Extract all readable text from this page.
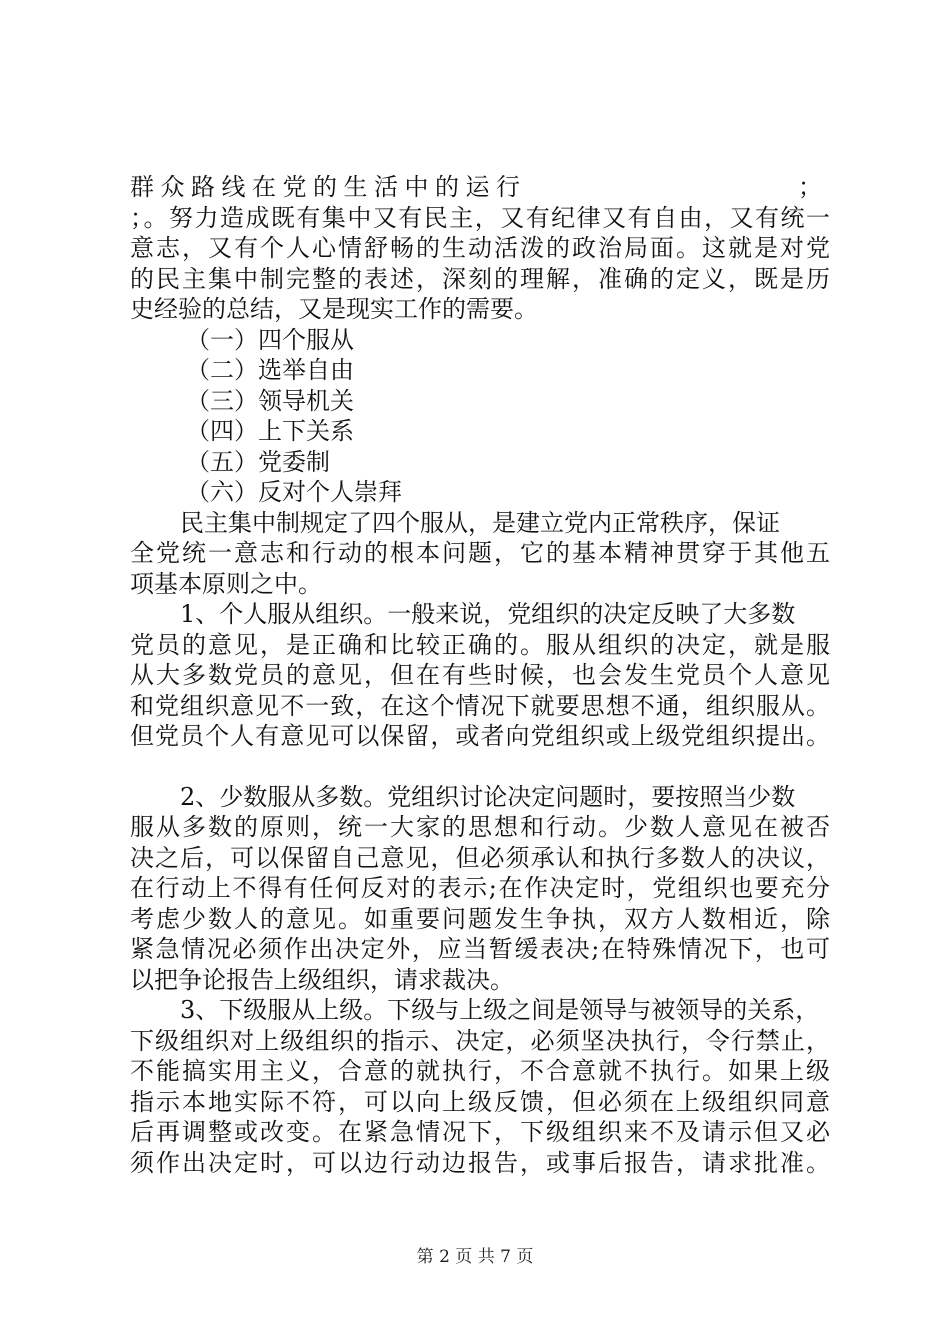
群众路线在党的生活中的运行	；
；。努力造成既有集中又有民主，又有纪律又有自由，又有统一
意志，又有个人心情舒畅的生动活泼的政治局面。这就是对党
的民主集中制完整的表述，深刻的理解，准确的定义，既是历
史经验的总结，又是现实工作的需要。
（一）四个服从
（二）选举自由
（三）领导机关
（四）上下关系
（五）党委制
（六）反对个人崇拜
民主集中制规定了四个服从，是建立党内正常秩序，保证
全党统一意志和行动的根本问题，它的基本精神贯穿于其他五
项基本原则之中。
1、个人服从组织。一般来说，党组织的决定反映了大多数
党员的意见，是正确和比较正确的。服从组织的决定，就是服
从大多数党员的意见，但在有些时候，也会发生党员个人意见
和党组织意见不一致，在这个情况下就要思想不通，组织服从。
但党员个人有意见可以保留，或者向党组织或上级党组织提出。
2、少数服从多数。党组织讨论决定问题时，要按照当少数
服从多数的原则，统一大家的思想和行动。少数人意见在被否
决之后，可以保留自己意见，但必须承认和执行多数人的决议，
在行动上不得有任何反对的表示;在作决定时，党组织也要充分
考虑少数人的意见。如重要问题发生争执，双方人数相近，除
紧急情况必须作出决定外，应当暂缓表决;在特殊情况下，也可
以把争论报告上级组织，请求裁决。
3、下级服从上级。下级与上级之间是领导与被领导的关系，
下级组织对上级组织的指示、决定，必须坚决执行，令行禁止，
不能搞实用主义，合意的就执行，不合意就不执行。如果上级
指示本地实际不符，可以向上级反馈，但必须在上级组织同意
后再调整或改变。在紧急情况下，下级组织来不及请示但又必
须作出决定时，可以边行动边报告，或事后报告，请求批准。
第 2 页 共 7 页
